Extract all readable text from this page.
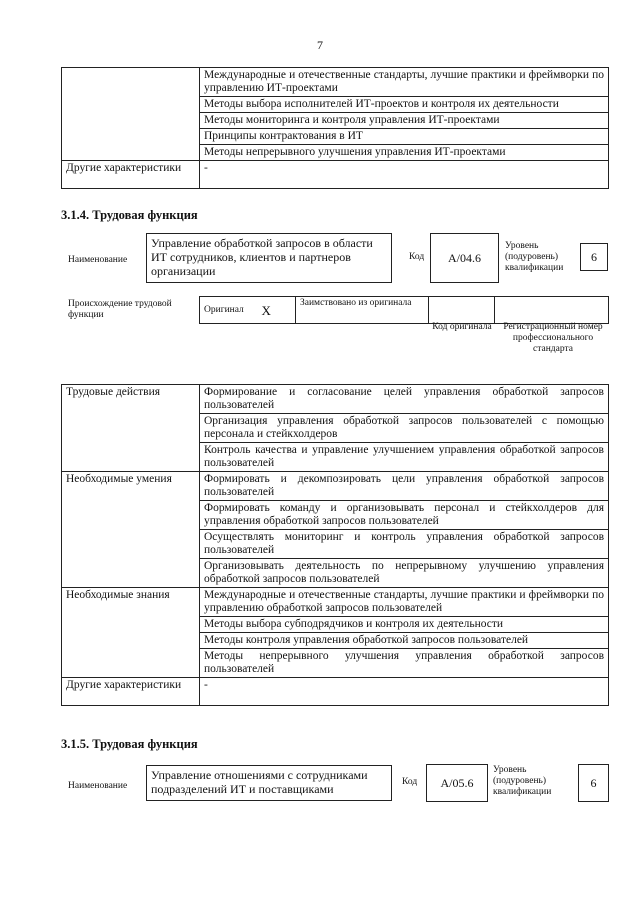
7
	Международные и отечественные стандарты, лучшие практики и фреймворки по управлению ИТ-проектами
	Методы выбора исполнителей ИТ-проектов и контроля их деятельности
	Методы мониторинга и контроля управления ИТ-проектами
	Принципы контрактования в ИТ
	Методы непрерывного улучшения управления ИТ-проектами
Другие характеристики	-
3.1.4. Трудовая функция
Наименование
Управление обработкой запросов в области ИТ сотрудников, клиентов и партнеров организации
Код	A/04.6
Уровень (подуровень) квалификации
6
Происхождение трудовой функции
Оригинал	X	Заимствовано из оригинала		
Код оригинала	Регистрационный номер профессионального стандарта
Трудовые действия	Формирование и согласование целей управления обработкой запросов пользователей
	Организация управления обработкой запросов пользователей с помощью персонала и стейкхолдеров
	Контроль качества и управление улучшением управления обработкой запросов пользователей
Необходимые умения	Формировать и декомпозировать цели управления обработкой запросов пользователей
	Формировать команду и организовывать персонал и стейкхолдеров для управления обработкой запросов пользователей
	Осуществлять мониторинг и контроль управления обработкой запросов пользователей
	Организовывать деятельность по непрерывному улучшению управления обработкой запросов пользователей
Необходимые знания	Международные и отечественные стандарты, лучшие практики и фреймворки по управлению обработкой запросов пользователей
	Методы выбора субподрядчиков и контроля их деятельности
	Методы контроля управления обработкой запросов пользователей
	Методы непрерывного улучшения управления обработкой запросов пользователей
Другие характеристики	-
3.1.5. Трудовая функция
Наименование
Управление отношениями с сотрудниками подразделений ИТ и поставщиками	Код	A/05.6
Уровень (подуровень) квалификации
6
